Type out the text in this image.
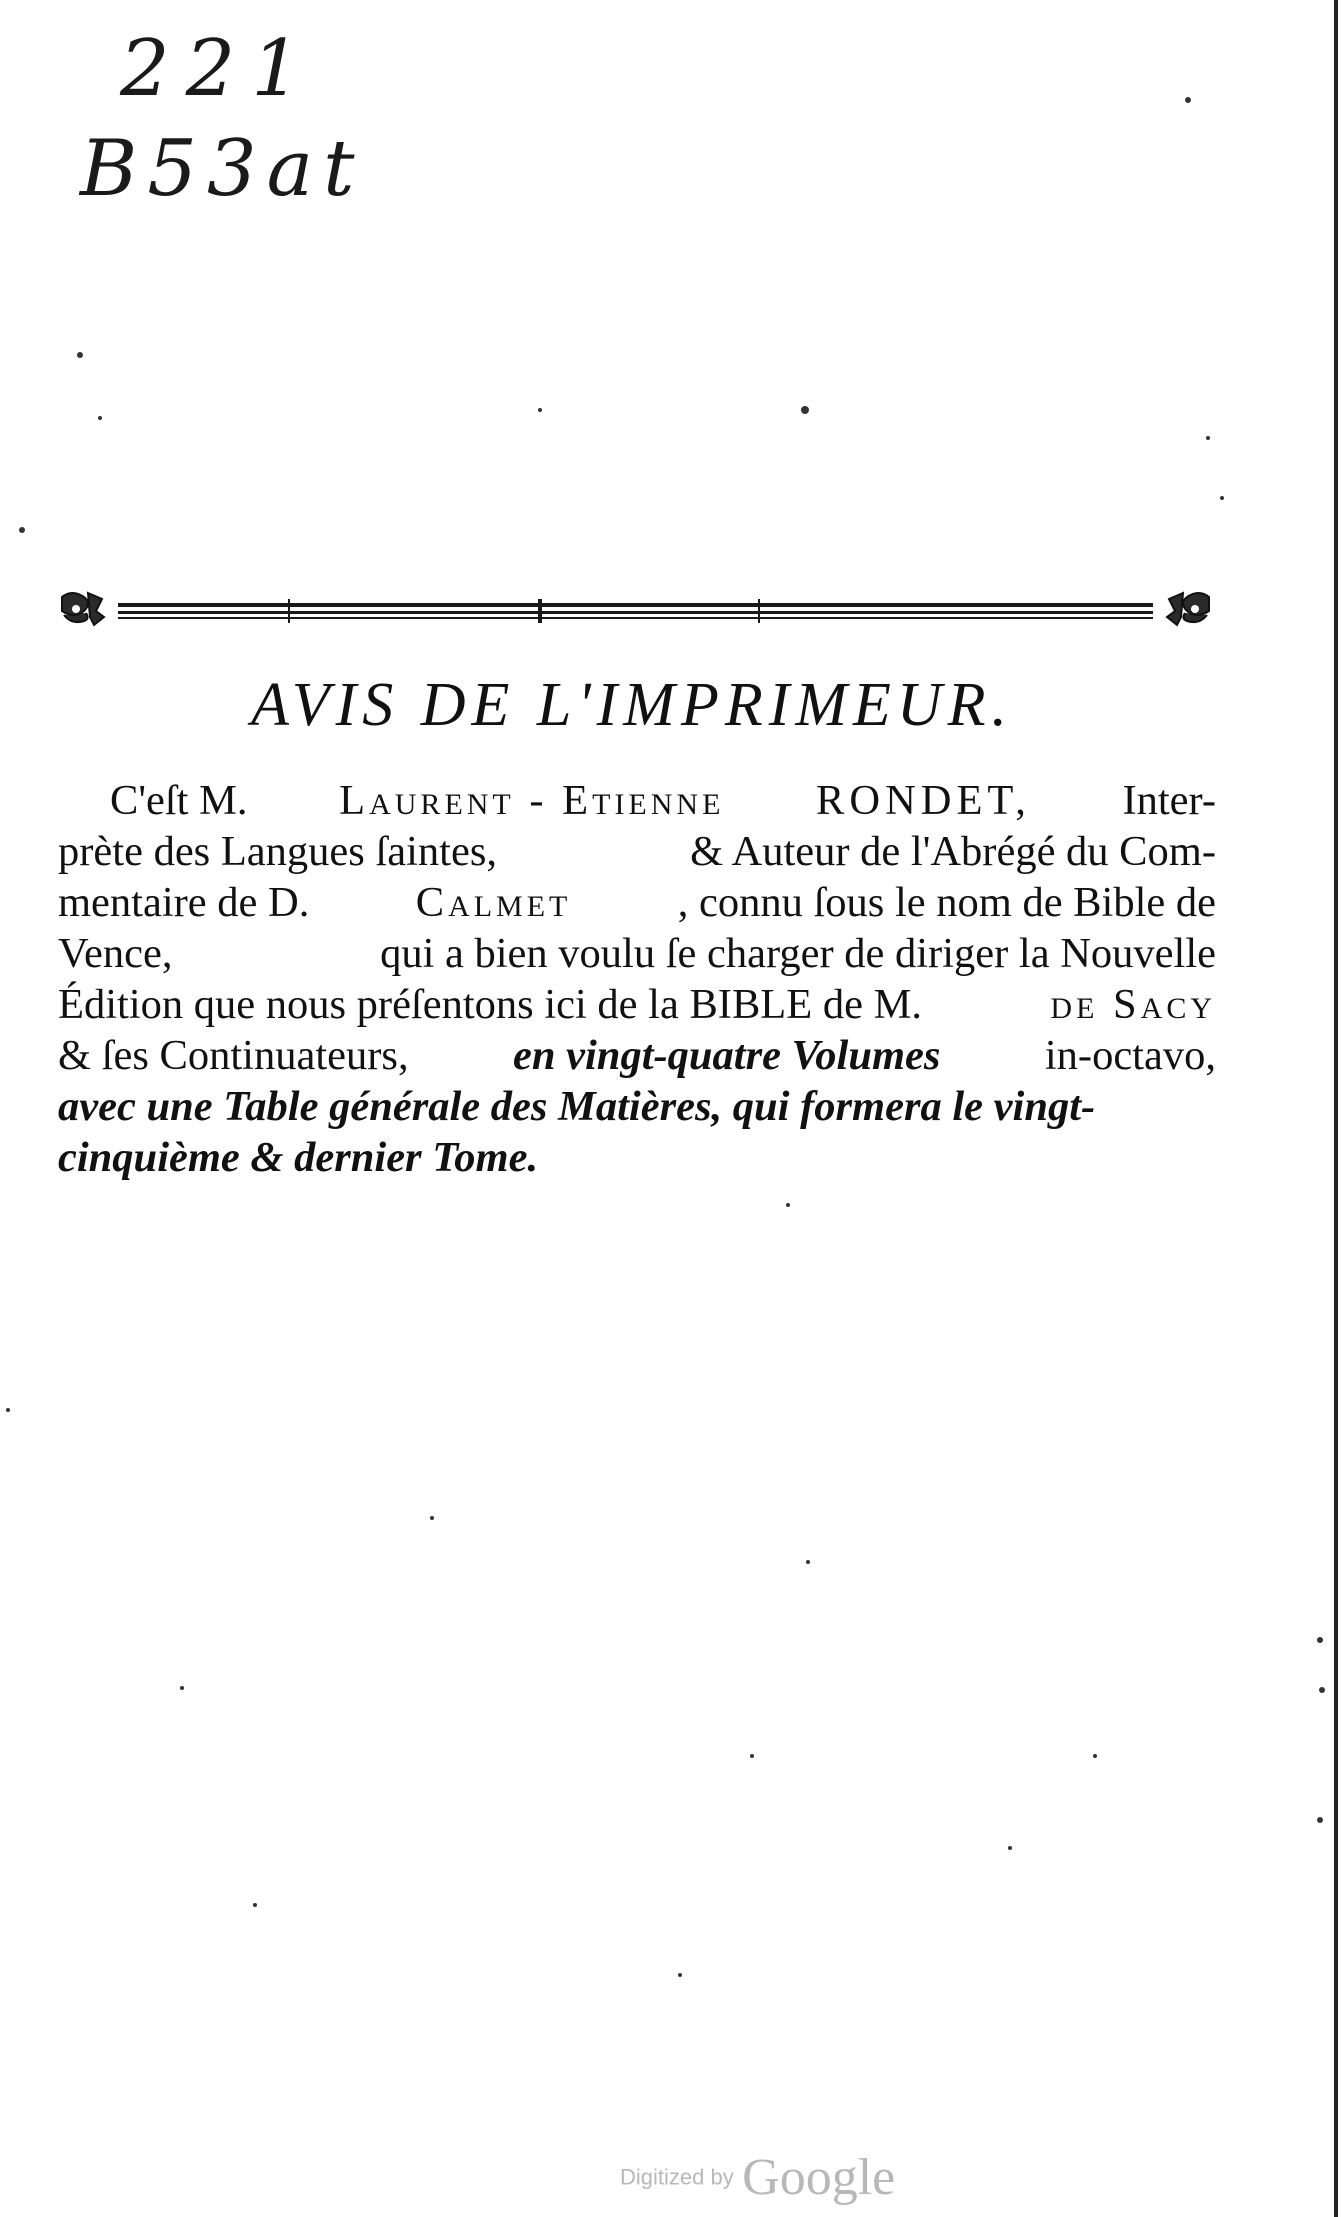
221
B53at
AVIS DE L'IMPRIMEUR.
C'eſt M. Laurent - Etienne RONDET, Inter-
prète des Langues ſaintes,	& Auteur de l'Abrégé du Com-
mentaire de D.	Calmet	, connu ſous le nom de Bible de
Vence,	qui a bien voulu ſe charger de diriger la Nouvelle
Édition que nous préſentons ici de la BIBLE de M.	de Sacy
& ſes Continuateurs, en vingt-quatre Volumes in-octavo,
avec une Table générale des Matières, qui formera le vingt-
cinquième & dernier Tome.
Digitized by Google
